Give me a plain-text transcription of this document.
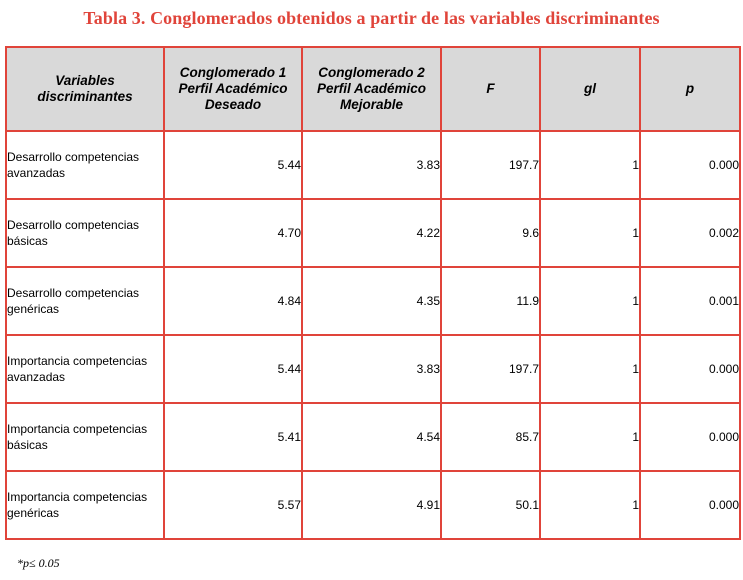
Tabla 3. Conglomerados obtenidos a partir de las variables discriminantes
Variables discriminantes	Conglomerado 1 Perfil Académico Deseado	Conglomerado 2 Perfil Académico Mejorable	F	gl	p
Desarrollo competencias avanzadas	5.44	3.83	197.7	1	0.000
Desarrollo competencias básicas	4.70	4.22	9.6	1	0.002
Desarrollo competencias genéricas	4.84	4.35	11.9	1	0.001
Importancia competencias avanzadas	5.44	3.83	197.7	1	0.000
Importancia competencias básicas	5.41	4.54	85.7	1	0.000
Importancia competencias genéricas	5.57	4.91	50.1	1	0.000
*p≤ 0.05
